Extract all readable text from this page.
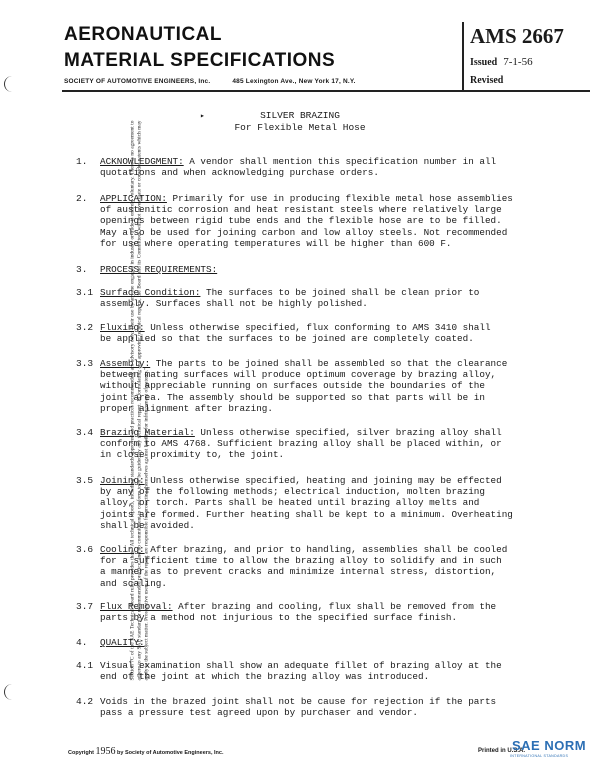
AERONAUTICAL
MATERIAL SPECIFICATIONS
SOCIETY OF AUTOMOTIVE ENGINEERS, Inc.	485 Lexington Ave., New York 17, N.Y.
AMS 2667
Issued 7-1-56
Revised
Section 7C of the SAE Technical Board rules provides that: "All technical reports, including standards approved and practices recommended, are advisory only. Their use by anyone engaged in industry or trade is entirely voluntary. There is no agreement to adhere to any SAE standard or recommended practice, and no commitment to conform to or be guided by any technical report. In formulating and approving technical reports, the Board and its Committees will not investigate or consider patents which may apply to the subject matter. Prospective users of the report are responsible for protecting themselves against liability for infringement of patents."
▸	SILVER BRAZING
For Flexible Metal Hose
1. ACKNOWLEDGMENT: A vendor shall mention this specification number in all
quotations and when acknowledging purchase orders.
2. APPLICATION: Primarily for use in producing flexible metal hose assemblies
of austenitic corrosion and heat resistant steels where relatively large
openings between rigid tube ends and the flexible hose are to be filled.
May also be used for joining carbon and low alloy steels. Not recommended
for use where operating temperatures will be higher than 600 F.
3. PROCESS REQUIREMENTS:
3.1 Surface Condition: The surfaces to be joined shall be clean prior to
assembly. Surfaces shall not be highly polished.
3.2 Fluxing: Unless otherwise specified, flux conforming to AMS 3410 shall
be applied so that the surfaces to be joined are completely coated.
3.3 Assembly: The parts to be joined shall be assembled so that the clearance
between mating surfaces will produce optimum coverage by brazing alloy,
without appreciable running on surfaces outside the boundaries of the
joint area. The assembly should be supported so that parts will be in
proper alignment after brazing.
3.4 Brazing Material: Unless otherwise specified, silver brazing alloy shall
conform to AMS 4768. Sufficient brazing alloy shall be placed within, or
in close proximity to, the joint.
3.5 Joining: Unless otherwise specified, heating and joining may be effected
by any of the following methods; electrical induction, molten brazing
alloy, or torch. Parts shall be heated until brazing alloy melts and
joints are formed. Further heating shall be kept to a minimum. Overheating
shall be avoided.
3.6 Cooling: After brazing, and prior to handling, assemblies shall be cooled
for a sufficient time to allow the brazing alloy to solidify and in such
a manner as to prevent cracks and minimize internal stress, distortion,
and scaling.
3.7 Flux Removal: After brazing and cooling, flux shall be removed from the
parts by a method not injurious to the specified surface finish.
4. QUALITY:
4.1 Visual examination shall show an adequate fillet of brazing alloy at the
end of the joint at which the brazing alloy was introduced.
4.2 Voids in the brazed joint shall not be cause for rejection if the parts
pass a pressure test agreed upon by purchaser and vendor.
Copyright 1956 by Society of Automotive Engineers, Inc.	Printed in U.S.A.
SAE NORM
INTERNATIONAL STANDARDS
